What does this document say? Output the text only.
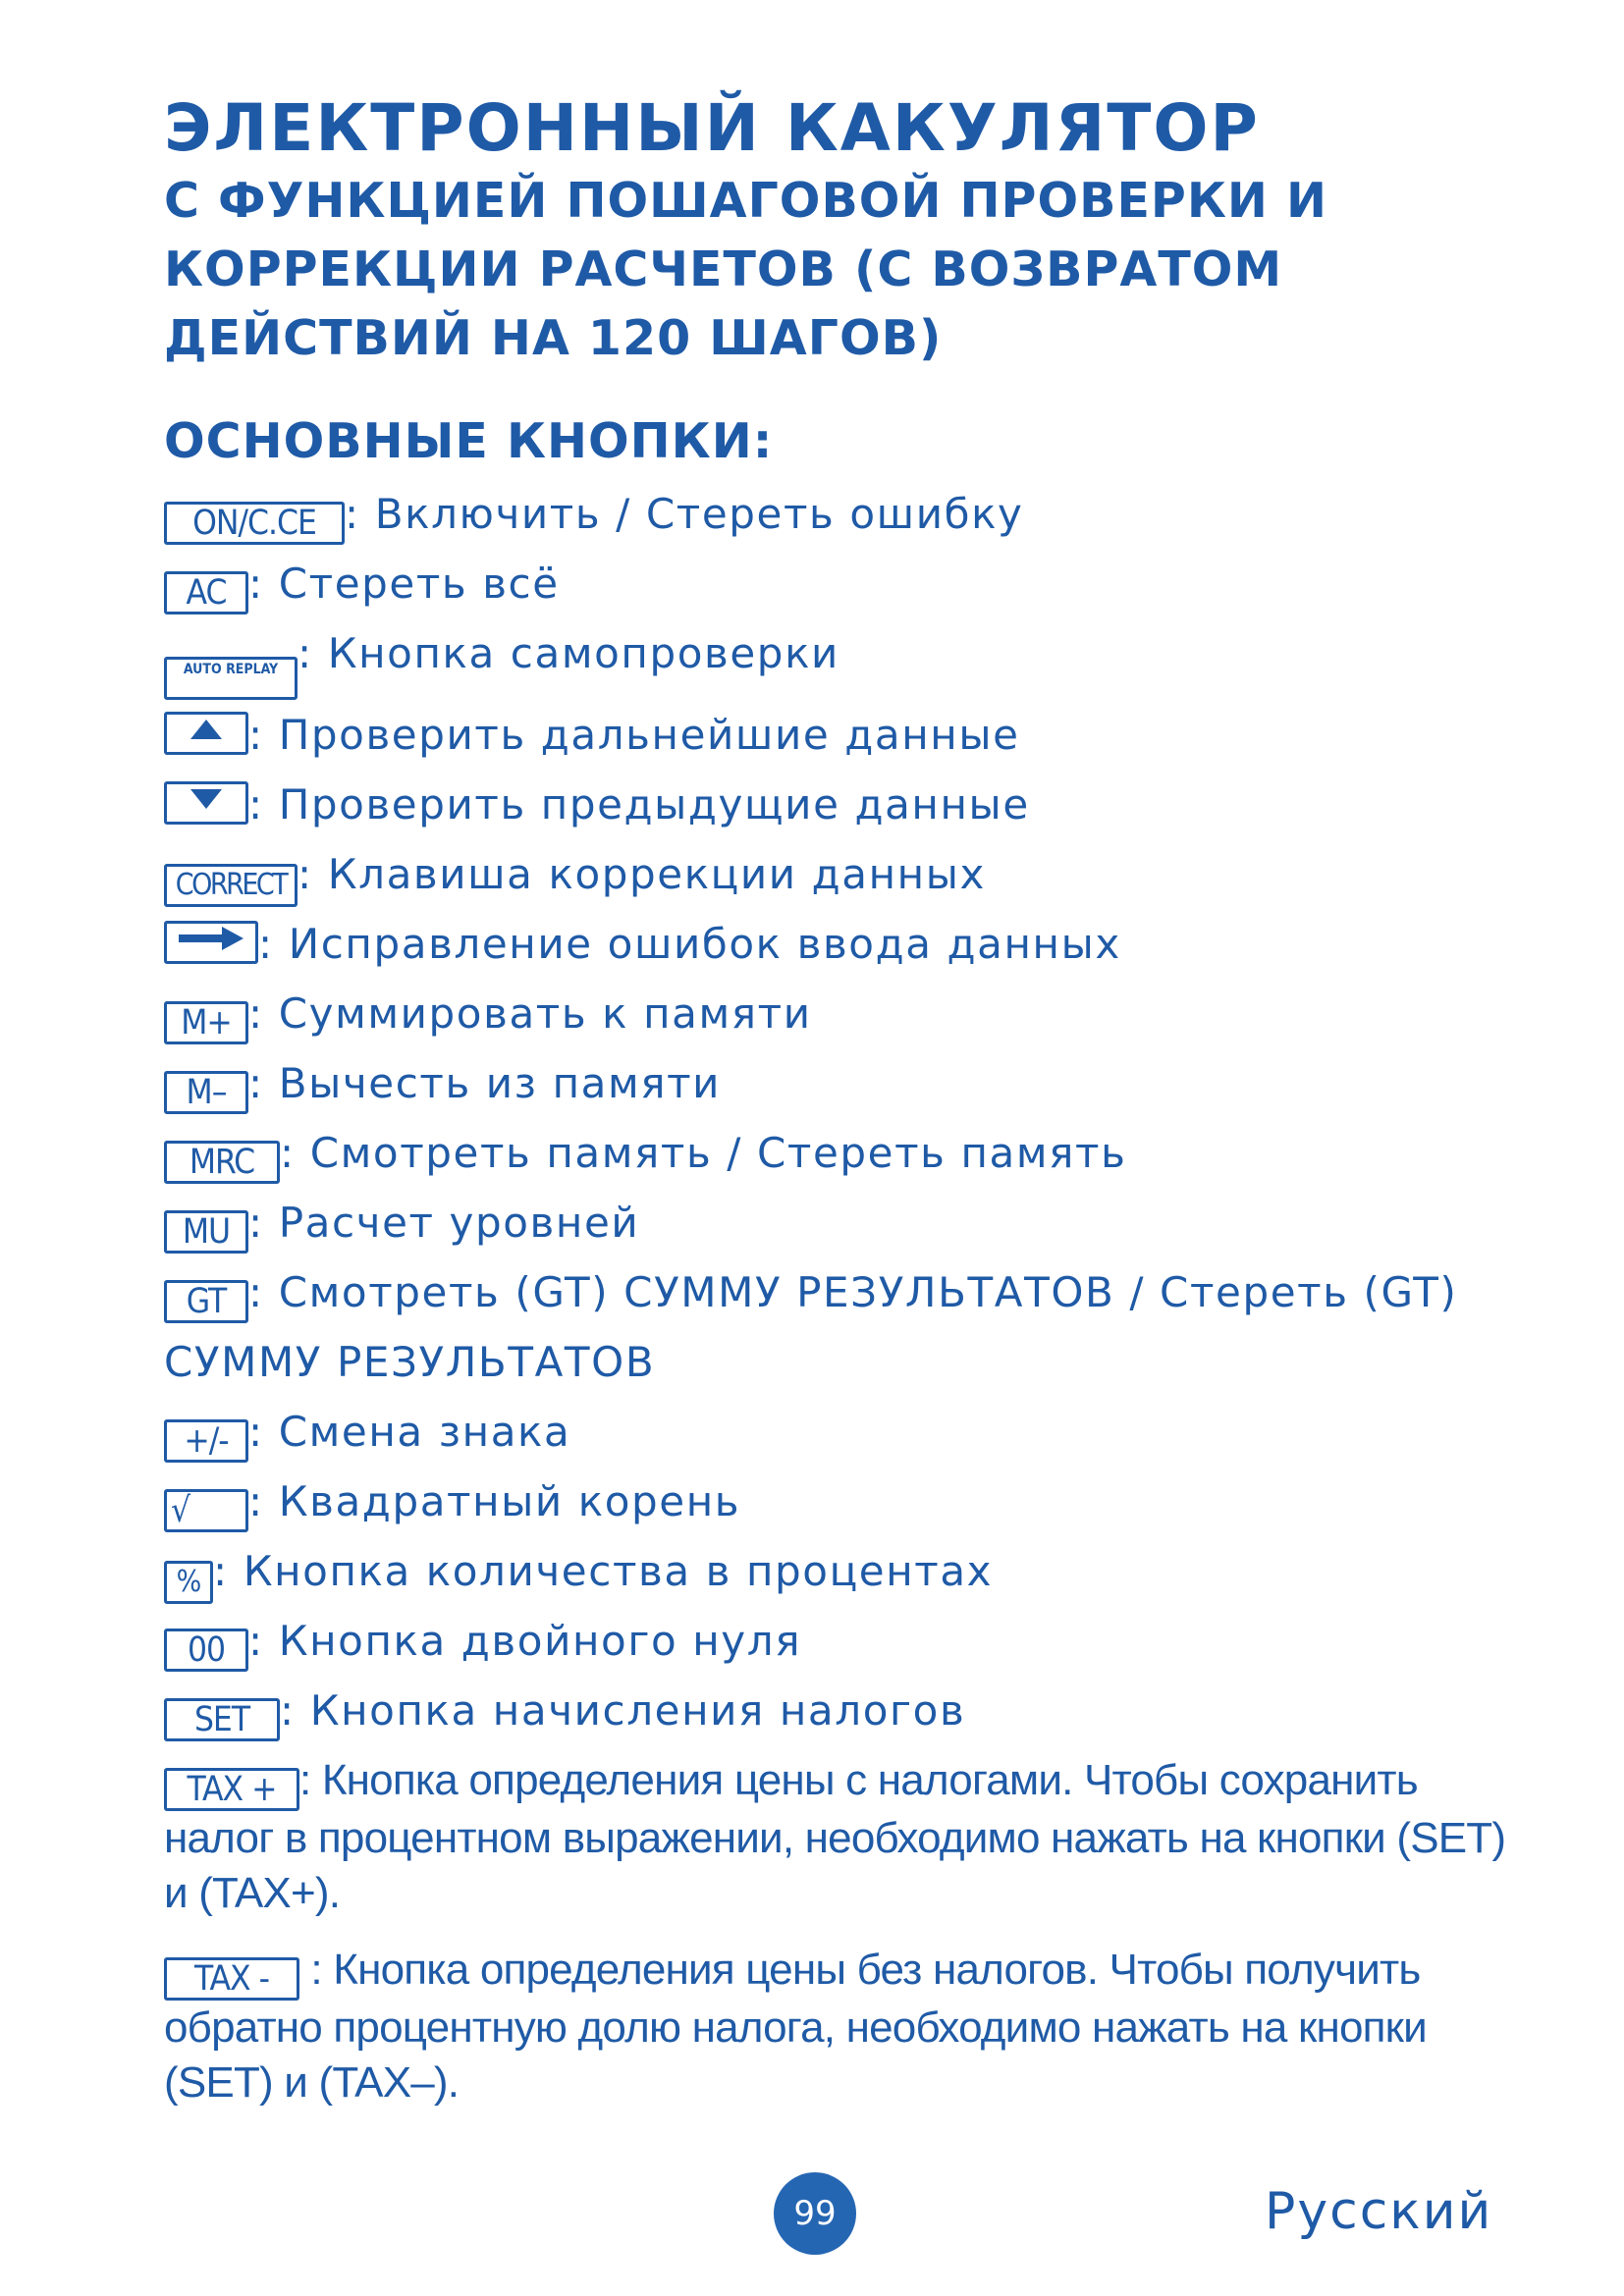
ЭЛЕКТРОННЫЙ КАКУЛЯТОР
С ФУНКЦИЕЙ ПОШАГОВОЙ ПРОВЕРКИ И
КОРРЕКЦИИ РАСЧЕТОВ (С ВОЗВРАТОМ
ДЕЙСТВИЙ НА 120 ШАГОВ)
ОСНОВНЫЕ КНОПКИ:
ON/C.CE : Включить / Стереть ошибку
AC : Стереть всё
AUTO REPLAY : Кнопка самопроверки
: Проверить дальнейшие данные
: Проверить предыдущие данные
CORRECT : Клавиша коррекции данных
: Исправление ошибок ввода данных
M+ : Суммировать к памяти
M– : Вычесть из памяти
MRC : Смотреть память / Стереть память
MU : Расчет уровней
GT : Смотреть (GT) СУММУ РЕЗУЛЬТАТОВ / Стереть (GT) СУММУ РЕЗУЛЬТАТОВ
+/- : Смена знака
√ : Квадратный корень
% : Кнопка количества в процентах
00 : Кнопка двойного нуля
SET : Кнопка начисления налогов
TAX + : Кнопка определения цены с налогами. Чтобы сохранить налог в процентном выражении, необходимо нажать на кнопки (SET) и (TAX+).
TAX - : Кнопка определения цены без налогов. Чтобы получить обратно процентную долю налога, необходимо нажать на кнопки (SET) и (TAX–).
99	Русский
